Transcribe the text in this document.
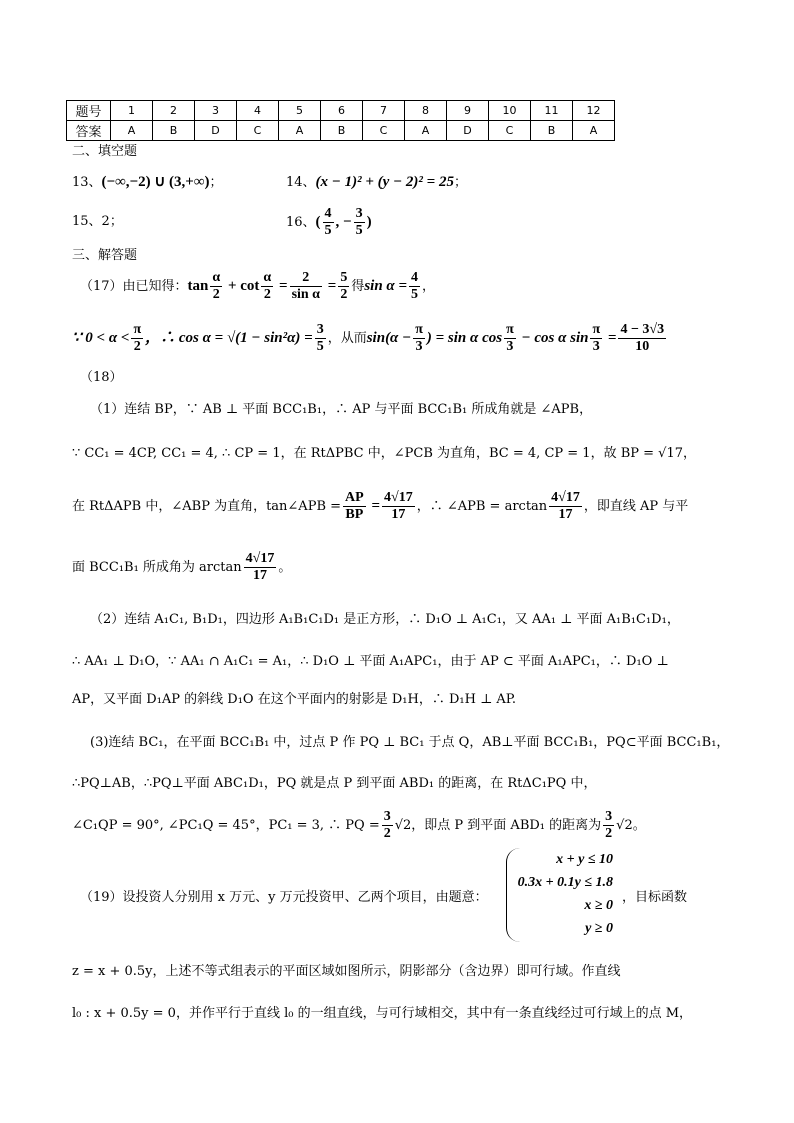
题号	1	2	3	4	5	6	7	8	9	10	11	12
答案	A	B	D	C	A	B	C	A	D	C	B	A
二、填空题
13、(−∞,−2) ∪ (3,+∞)；	14、(x − 1)² + (y − 2)² = 25；
15、2；	16、( $\frac{4}{5}$ , − $\frac{3}{5}$ )
三、解答题
（17）由已知得：$\tan \frac{\alpha}{2} + \cot \frac{\alpha}{2} = \frac{2}{\text{sin α}} = \frac{5}{2}$ 得$\sin \alpha = \frac{4}{5}$ ，
∵ $0 < \alpha < \frac{\pi}{2}$ ，∴ $\cos \alpha = √(1 - \sin^2\alpha) = \frac{3}{5}$ ，从而$\sin(\alpha - \frac{\pi}{3}$ ) = sin α $\cos \frac{\pi}{3} - \cos \alpha$ $\sin \frac{\pi}{3} = \frac{4 - 3√3}{10}$
（18）
（1）连结 BP，∵ AB ⊥ 平面 BCC₁B₁，∴ AP 与平面 BCC₁B₁ 所成角就是 ∠APB，
∵ CC₁ = 4CP, CC₁ = 4, ∴ CP = 1，在 RtΔPBC 中，∠PCB 为直角，BC = 4, CP = 1，故 BP = √17，
在 RtΔAPB 中，∠ABP 为直角，tan∠APB = $\frac{AP}{BP} = \frac{4√17}{17}$ ，∴ ∠APB = $\arctan \frac{4√17}{17}$ ，即直线 AP 与平
面 BCC₁B₁ 所成角为 $\arctan \frac{4√17}{17}$ 。
（2）连结 A₁C₁, B₁D₁，四边形 A₁B₁C₁D₁ 是正方形，∴ D₁O ⊥ A₁C₁，又 AA₁ ⊥ 平面 A₁B₁C₁D₁，
∴ AA₁ ⊥ D₁O，∵ AA₁ ∩ A₁C₁ = A₁，∴ D₁O ⊥ 平面 A₁APC₁，由于 AP ⊂ 平面 A₁APC₁，∴ D₁O ⊥
AP，又平面 D₁AP 的斜线 D₁O 在这个平面内的射影是 D₁H，∴ D₁H ⊥ AP.
(3)连结 BC₁，在平面 BCC₁B₁ 中，过点 P 作 PQ ⊥ BC₁ 于点 Q，AB⊥平面 BCC₁B₁，PQ⊂平面 BCC₁B₁，
∴PQ⊥AB，∴PQ⊥平面 ABC₁D₁，PQ 就是点 P 到平面 ABD₁ 的距离，在 RtΔC₁PQ 中，
∠C₁QP = 90°, ∠PC₁Q = 45°，PC₁ = 3, ∴ PQ = $\frac{3}{2} √2$，即点 P 到平面 ABD₁ 的距离为 $\frac{3}{2} √2$。
（19）设投资人分别用 x 万元、y 万元投资甲、乙两个项目，由题意：
x + y ≤ 10
0.3x + 0.1y ≤ 1.8
x ≥ 0
y ≥ 0
，目标函数
z = x + 0.5y，上述不等式组表示的平面区域如图所示，阴影部分（含边界）即可行域。作直线
l₀ : x + 0.5y = 0，并作平行于直线 l₀ 的一组直线，与可行域相交，其中有一条直线经过可行域上的点 M，
